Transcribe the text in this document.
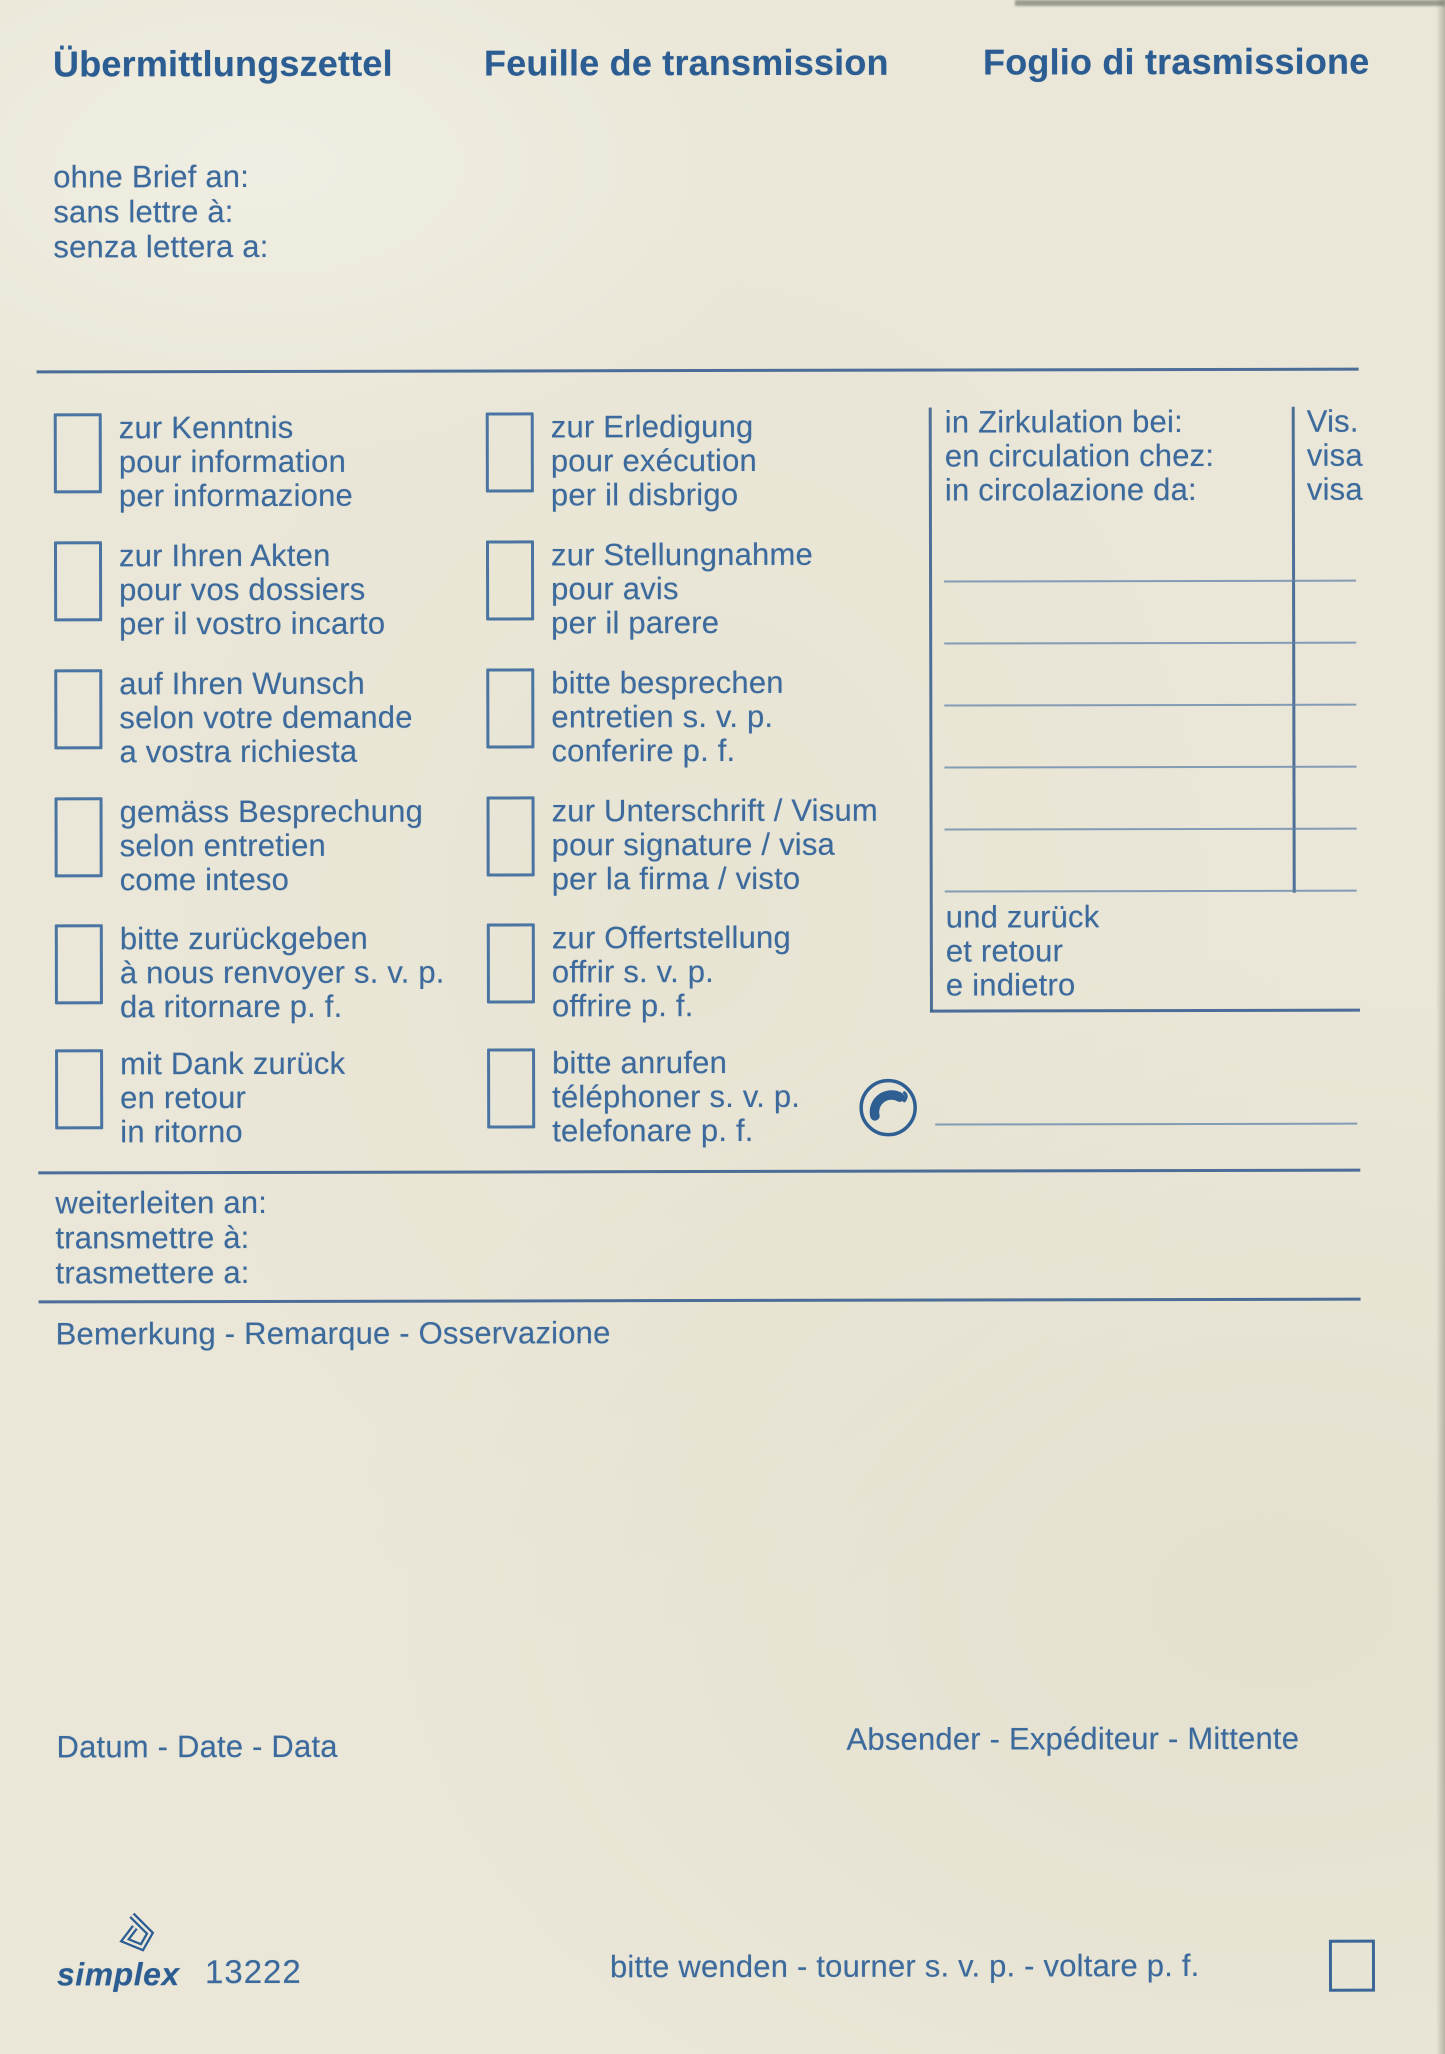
Übermittlungszettel	Feuille de transmission	Foglio di trasmissione
ohne Brief an:
sans lettre à:
senza lettera a:
zur Kenntnis
pour information
per informazione
zur Ihren Akten
pour vos dossiers
per il vostro incarto
auf Ihren Wunsch
selon votre demande
a vostra richiesta
gemäss Besprechung
selon entretien
come inteso
bitte zurückgeben
à nous renvoyer s. v. p.
da ritornare p. f.
mit Dank zurück
en retour
in ritorno
zur Erledigung
pour exécution
per il disbrigo
zur Stellungnahme
pour avis
per il parere
bitte besprechen
entretien s. v. p.
conferire p. f.
zur Unterschrift / Visum
pour signature / visa
per la firma / visto
zur Offertstellung
offrir s. v. p.
offrire p. f.
bitte anrufen
téléphoner s. v. p.
telefonare p. f.
in Zirkulation bei:
en circulation chez:
in circolazione da:
Vis.
visa
visa
und zurück
et retour
e indietro
weiterleiten an:
transmettre à:
trasmettere a:
Bemerkung - Remarque - Osservazione
Datum - Date - Data	Absender - Expéditeur - Mittente
simplex 13222	bitte wenden - tourner s. v. p. - voltare p. f.
